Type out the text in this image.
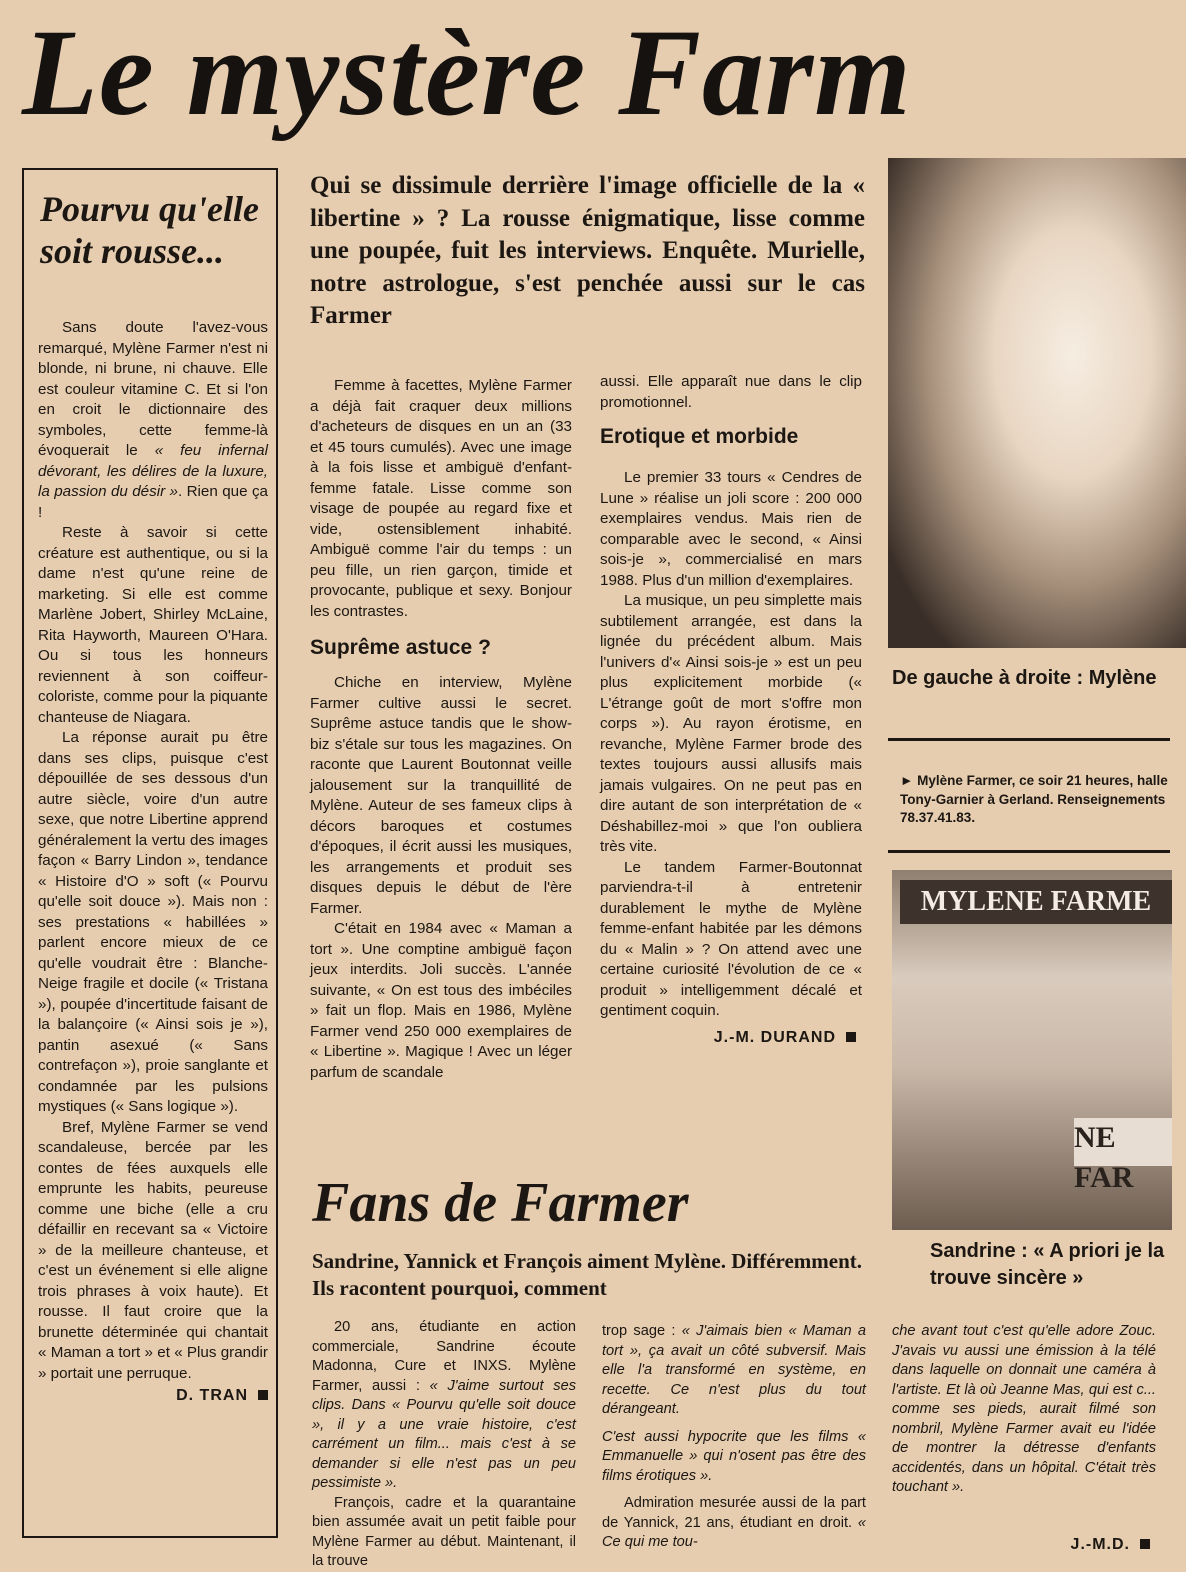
Le mystère Farm
Pourvu qu'elle soit rousse...

Sans doute l'avez-vous remarqué, Mylène Farmer n'est ni blonde, ni brune, ni chauve. Elle est couleur vitamine C. Et si l'on en croit le dictionnaire des symboles, cette femme-là évoquerait le « feu infernal dévorant, les délires de la luxure, la passion du désir ». Rien que ça !

Reste à savoir si cette créature est authentique, ou si la dame n'est qu'une reine de marketing. Si elle est comme Marlène Jobert, Shirley McLaine, Rita Hayworth, Maureen O'Hara. Ou si tous les honneurs reviennent à son coiffeur-coloriste, comme pour la piquante chanteuse de Niagara.

La réponse aurait pu être dans ses clips, puisque c'est dépouillée de ses dessous d'un autre siècle, voire d'un autre sexe, que notre Libertine apprend généralement la vertu des images façon « Barry Lindon », tendance « Histoire d'O » soft (« Pourvu qu'elle soit douce »). Mais non : ses prestations « habillées » parlent encore mieux de ce qu'elle voudrait être : Blanche-Neige fragile et docile (« Tristana »), poupée d'incertitude faisant de la balançoire (« Ainsi sois je »), pantin asexué (« Sans contrefaçon »), proie sanglante et condamnée par les pulsions mystiques (« Sans logique »).

Bref, Mylène Farmer se vend scandaleuse, bercée par les contes de fées auxquels elle emprunte les habits, peureuse comme une biche (elle a cru défaillir en recevant sa « Victoire » de la meilleure chanteuse, et c'est un événement si elle aligne trois phrases à voix haute). Et rousse. Il faut croire que la brunette déterminée qui chantait « Maman a tort » et « Plus grandir » portait une perruque.

D. TRAN
Qui se dissimule derrière l'image officielle de la « libertine » ? La rousse énigmatique, lisse comme une poupée, fuit les interviews. Enquête. Murielle, notre astrologue, s'est penchée aussi sur le cas Farmer

Femme à facettes, Mylène Farmer a déjà fait craquer deux millions d'acheteurs de disques en un an (33 et 45 tours cumulés). Avec une image à la fois lisse et ambiguë d'enfant-femme fatale. Lisse comme son visage de poupée au regard fixe et vide, ostensiblement inhabité. Ambiguë comme l'air du temps : un peu fille, un rien garçon, timide et provocante, publique et sexy. Bonjour les contrastes.

Suprême astuce ?

Chiche en interview, Mylène Farmer cultive aussi le secret. Suprême astuce tandis que le show-biz s'étale sur tous les magazines. On raconte que Laurent Boutonnat veille jalousement sur la tranquillité de Mylène. Auteur de ses fameux clips à décors baroques et costumes d'époques, il écrit aussi les musiques, les arrangements et produit ses disques depuis le début de l'ère Farmer.

C'était en 1984 avec « Maman a tort ». Une comptine ambiguë façon jeux interdits. Joli succès. L'année suivante, « On est tous des imbéciles » fait un flop. Mais en 1986, Mylène Farmer vend 250 000 exemplaires de « Libertine ». Magique ! Avec un léger parfum de scandale

aussi. Elle apparaît nue dans le clip promotionnel.
Erotique et morbide

Le premier 33 tours « Cendres de Lune » réalise un joli score : 200 000 exemplaires vendus. Mais rien de comparable avec le second, « Ainsi sois-je », commercialisé en mars 1988. Plus d'un million d'exemplaires.

La musique, un peu simplette mais subtilement arrangée, est dans la lignée du précédent album. Mais l'univers d'« Ainsi sois-je » est un peu plus explicitement morbide (« L'étrange goût de mort s'offre mon corps »). Au rayon érotisme, en revanche, Mylène Farmer brode des textes toujours aussi allusifs mais jamais vulgaires. On ne peut pas en dire autant de son interprétation de « Déshabillez-moi » que l'on oubliera très vite.

Le tandem Farmer-Boutonnat parviendra-t-il à entretenir durablement le mythe de Mylène femme-enfant habitée par les démons du « Malin » ? On attend avec une certaine curiosité l'évolution de ce « produit » intelligemment décalé et gentiment coquin.

J.-M. DURAND
De gauche à droite : Mylène
► Mylène Farmer, ce soir 21 heures, halle Tony-Garnier à Gerland. Renseignements 78.37.41.83.
MYLENE FARME
NE FAR
Sandrine : « A priori je la trouve sincère »
Fans de Farmer
Sandrine, Yannick et François aiment Mylène. Différemment. Ils racontent pourquoi, comment

20 ans, étudiante en action commerciale, Sandrine écoute Madonna, Cure et INXS. Mylène Farmer, aussi : « J'aime surtout ses clips. Dans « Pourvu qu'elle soit douce », il y a une vraie histoire, c'est carrément un film... mais c'est à se demander si elle n'est pas un peu pessimiste ».

François, cadre et la quarantaine bien assumée avait un petit faible pour Mylène Farmer au début. Maintenant, il la trouve

trop sage : « J'aimais bien « Maman a tort », ça avait un côté subversif. Mais elle l'a transformé en système, en recette. Ce n'est plus du tout dérangeant.
C'est aussi hypocrite que les films « Emmanuelle » qui n'osent pas être des films érotiques ».

Admiration mesurée aussi de la part de Yannick, 21 ans, étudiant en droit. « Ce qui me tou-

che avant tout c'est qu'elle adore Zouc. J'avais vu aussi une émission à la télé dans laquelle on donnait une caméra à l'artiste. Et là où Jeanne Mas, qui est c... comme ses pieds, aurait filmé son nombril, Mylène Farmer avait eu l'idée de montrer la détresse d'enfants accidentés, dans un hôpital. C'était très touchant ».
J.-M.D.
